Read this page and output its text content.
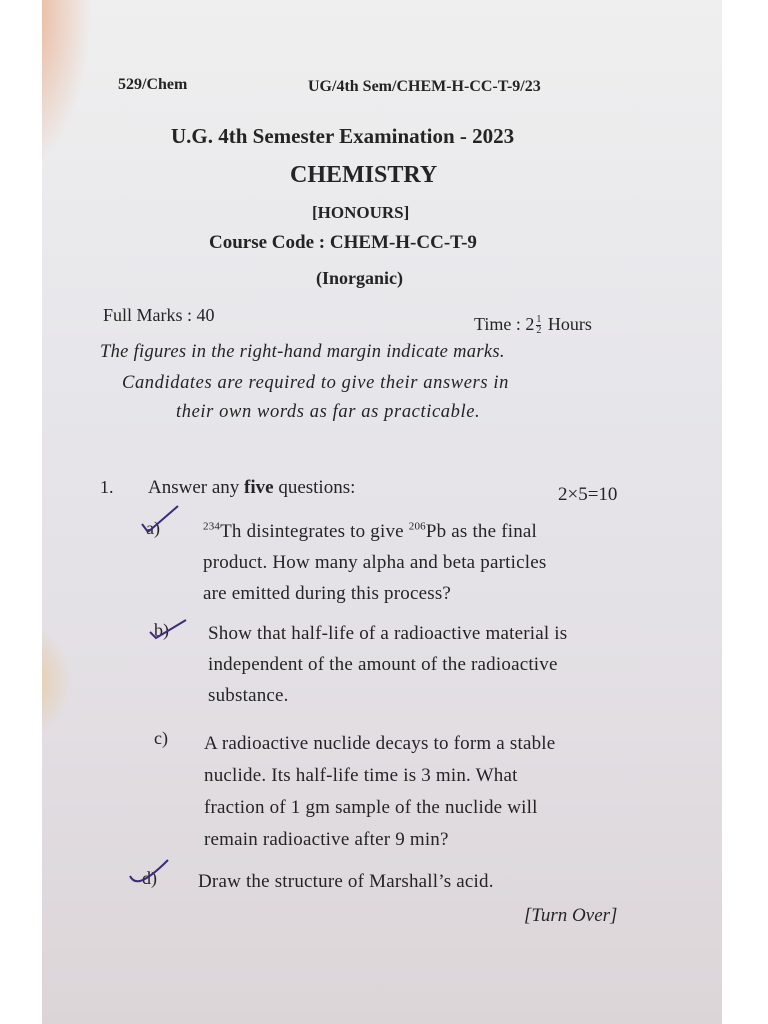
529/Chem	UG/4th Sem/CHEM-H-CC-T-9/23
U.G. 4th Semester Examination - 2023
CHEMISTRY
[HONOURS]
Course Code : CHEM-H-CC-T-9
(Inorganic)
Full Marks : 40	Time : $2 \frac{1}{2}$ Hours
The figures in the right-hand margin indicate marks.
Candidates are required to give their answers in
their own words as far as practicable.
1. Answer any five questions:	2×5=10
a)	$^{234}$Th disintegrates to give $^{206}$Pb as the final
product. How many alpha and beta particles
are emitted during this process?
b) Show that half-life of a radioactive material is
independent of the amount of the radioactive
substance.
c) A radioactive nuclide decays to form a stable
nuclide. Its half-life time is 3 min. What
fraction of 1 gm sample of the nuclide will
remain radioactive after 9 min?
d) Draw the structure of Marshall’s acid.
[Turn Over]
